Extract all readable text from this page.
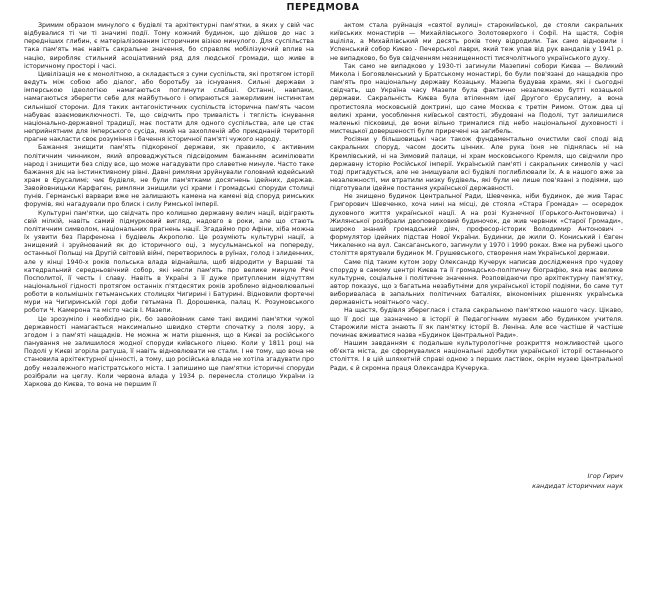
ПЕРЕДМОВА

Зримим образом минулого є будівлі та архітектурні пам'ятки, в яких у свій час відбувалися ті чи ті значимі події. Тому кожний будинок, що дійшов до нас з передніших глибин, є матеріалізованим історичним візією минулого. Для суспільства така пам'ять має навіть сакральне значення, бо справляє мобілізуючий вплив на націю, виробляє стильний асоціативний ряд для людської громади, що живе в історичному просторі і часі.

Цивілізація не є монолітною, а складається з суми суспільств, які протягом історії ведуть між собою або діалог, або боротьбу за існування. Сильні держави з імперською ідеологією намагаються поглинути слабші. Останні, навпаки, намагаються зберегти себе для майбутнього і опираються зажерливим інстинктам сильнішої сторони. Для таких антагоністичних суспільств історична пам'ять часом набуває взаємовиключності. Те, що свідчить про тривалість і тяглість існування національно-державної традиції, має постати для одного суспільства, але це стає неприйнятним для імперського сусіда, який на захопленій або приєднаній території прагне накласти своє розуміння і бачення історичної пам'яті чужого народу.

Бажання знищити пам'ять підкореної держави, як правило, є активним політичним чинником, який впроваджується підсвідомим бажанням асимілювати народ і знищити без сліду все, що може нагадувати про славетне минуле. Часто таке бажання діє на інстинктивному рівні. Давні римляни зруйнували головний юдейський храм в Єрусалимі; чиє будівля, не були пам'ятками досягнень ідейних, держав. Завойовницьки Карфаген, римляни знищили усі храми і громадські споруди столиці пунів. Германські варвари вже не залишають камена на камені від споруд римських форумів, які нагадували про блиск і силу Римської імперії.

Культурні пам'ятки, що свідчать про колишню державну велич нації, відіграють свій мілкій, навіть самий підмурковий вигляд, надовго в роки, але що стають політичним символом, національних прагнень нації. Згадаймо про Афіни, хіба можна їх уявити без Парфенона і будівель Акрополю. Це розуміють культурні нації, а знищений і зруйнований як до історичного оці, з мусульманської на попереду, останньої Польщі на Другій світовій війні, перетворилось в руїнах, голод і злиденних, але у кінці 1940-х років польська влада віднайшла, щоб відродити у Варшаві та катедральний середньовічний собор, які несли пам'ять про велике минуле Речі Посполитої, її честь і славу. Навіть в Україні з її дуже притупленим відчуттям національної гідності протягом останніх п'ятдесятих років зроблено відновлювальні роботи в кольмішніх гетьманських столицях Чигирині і Батурині. Відновили фортечні мури на Чигиринській горі доби гетьмана П. Дорошенка, палац К. Розумовського роботи Ч. Камерона та місто часів І. Мазепи.

Це зрозуміло і необхідно рік, бо завойовник саме такі видимі пам'ятки чужої державності намагається максимально швидко стерти спочатку з поля зору, а згодом і з пам'яті нащадків. Не можна ж мати рішення, що в Києві за російського панування не залишилося жодної споруди київського ліцею. Коли у 1811 році на Подолі у Києві згоріла ратуша, її навіть відновлювати не стали. І не тому, що вона не становила архітектурної цінності, а тому, що російська влада не хотіла згадувати про добу незалежного магістратського міста. І запишимо ще пам'ятки історичні споруди розібрали на цеглу. Коли червона влада у 1934 р. перенесла столицю України із Харкова до Києва, то вона не першим її

актом стала руйнація «святої вулиці» старокиївської, де стояли сакральних київських монастирів — Михайлівського Золотоверхого і Софії. На щастя, Софія вціліла, а Михайлівський ми десять років тому відродили. Так само відновили і Успенський собор Києво - Печерської лаври, який теж упав від рук вандалів у 1941 р. не випадково, бо був свідченням незнищенності тисячолітнього українського духу.

Так само не випадково у 1930-ті загинули Мазепині собори Києва — Великий Микола і Богоявленський у Братському монастирі, бо були пов'язані до нащадків про пам'ять про національну державу Козацьку. Мазепа будував храми, які і сьогодні свідчать, що Україна часу Мазепи була фактично незалежною бутті козацької держави. Сакральність Києва була втіленням ідеї Другого Єрусалиму, а вона протистояла московській доктрині, що саме Москва є третім Римом. Отож два ці великі храми, уособлення київської святості, збудовані на Подолі, тут залишилися маленькі пісковиці, де вони вільно трималися під небо національної духовності і мистецької довершеності були приречені на загибель.

Росіяни у більшовицькі часи також фундаментально очистили свої споді від сакральних споруд, часом досить цінних. Але рука їхня не піднялась ні на Кремлівський, ні на Зимовий палаци, ні храм московського Кремля, що свідчили про державну історію Російської імперії. Українській пам'яті і сакральних символів у часі тоді пригадується, але не знищували всі будівлі поглиблювали їх. А в нашого вже за незалежності, ми втратили низку будівель, які були не лише пов'язані з подіями, що підготували ідейне постання української державності.

Не знищено будинок Центральної Ради, Шевченка, ніби будинок, де жив Тарас Григорович Шевченко, хоча нині на місці, де стояла «Стара Громада» — осередок духовного життя української нації. А на розі Кузнечної (Горького-Антоновича) і Жилянської розібрали двоповерховий будиночок, де жив червник «Старої Громади», широко знаний громадський діяч, професор-історик Володимир Антонович - формулятор ідейних підстав Нової України. Будинки, де жили О. Кониський і Євген Чикаленко на вул. Саксаганського, загинули у 1970 і 1990 роках. Вже на рубежі цього століття врятували будинок М. Грушевського, створення нам Української держави.

Саме під таким кутом зору Олександр Кучерук написав дослідження про чудову споруду в самому центрі Києва та її громадсько-політичну біографію, яка має велике культурне, соціальне і політичне значення. Розповідаючи про архітектурну пам'ятку, автор показує, що з багатьма незабутніми для української історії подіями, бо саме тут вибориваласa в запальних політичних баталіях, вікономіних рішеннях українська державність новітнього часу.

На щастя, будівля збереглася і стала сакральною пам'яткою нашого часу. Цікаво, що її досі ще зазначено в історії й Педагогічним музеєм або будинком учителя. Старожили міста знають її як пам'ятку історії В. Леніна. Але все частіше й частіше починає вживатися назва «Будинок Центральної Ради».

Нашим завданням є подальше культурологічне розкриття можливостей цього об'єкта міста, де сформувалися національні здобутки української історії останнього століття. І в цій шляхетній справі одною з перших ластівок, окрім музею Центральної Ради, є й скромна праця Олександра Кучерука.

Ігор Гирич
кандидат історичних наук
